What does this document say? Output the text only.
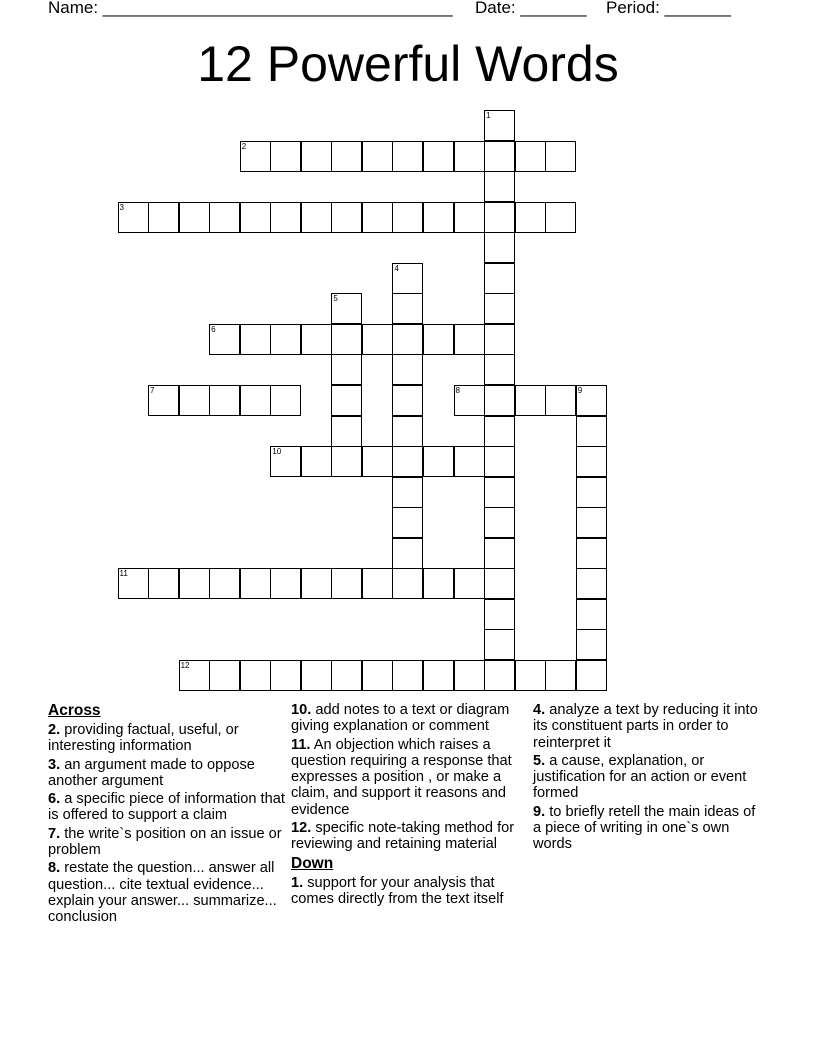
Name: _____________________________________ Date: _______ Period: _______
12 Powerful Words
1
2
3
4
5
6
7	8	9
10
11
12
Across
2. providing factual, useful, or interesting information
3. an argument made to oppose another argument
6. a specific piece of information that is offered to support a claim
7. the write`s position on an issue or problem
8. restate the question... answer all question... cite textual evidence... explain your answer... summarize... conclusion
10. add notes to a text or diagram giving explanation or comment
11. An objection which raises a question requiring a response that expresses a position , or make a claim, and support it reasons and evidence
12. specific note-taking method for reviewing and retaining material
Down
1. support for your analysis that comes directly from the text itself
4. analyze a text by reducing it into its constituent parts in order to reinterpret it
5. a cause, explanation, or justification for an action or event formed
9. to briefly retell the main ideas of a piece of writing in one`s own words
